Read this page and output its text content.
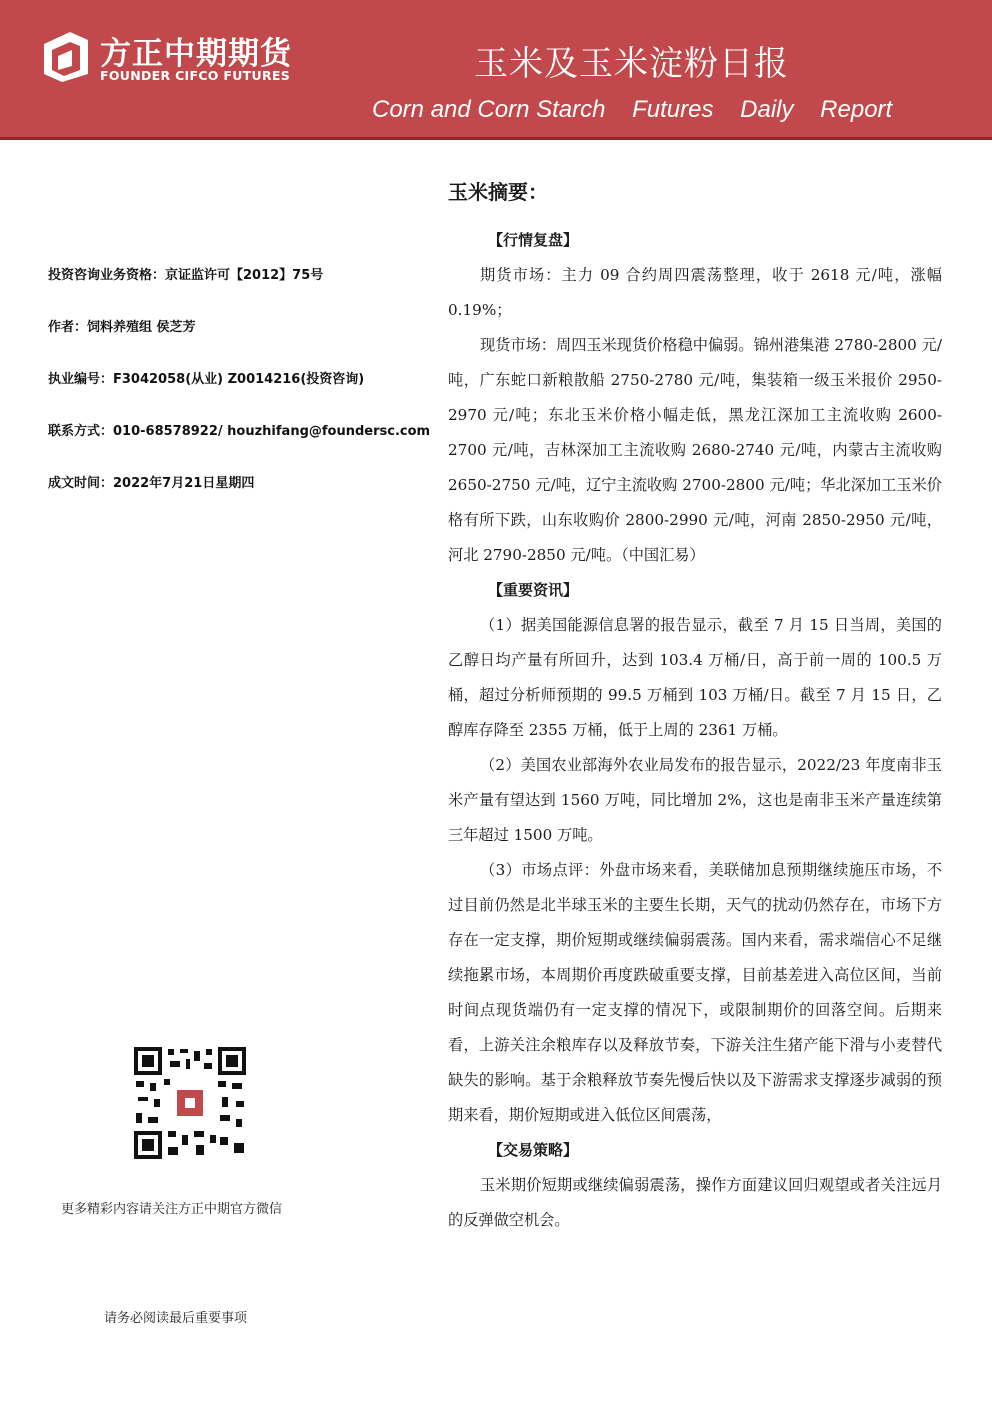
方正中期期货
FOUNDER CIFCO FUTURES	玉米及玉米淀粉日报
Corn and Corn Starch    Futures    Daily    Report

投资咨询业务资格：京证监许可【2012】75号

作者：饲料养殖组 侯芝芳

执业编号：F3042058(从业) Z0014216(投资咨询)

联系方式：010-68578922/ houzhifang@foundersc.com

成文时间：2022年7月21日星期四

更多精彩内容请关注方正中期官方微信
请务必阅读最后重要事项
玉米摘要：
【行情复盘】

期货市场：主力 09 合约周四震荡整理，收于 2618 元/吨，涨幅 0.19%；

现货市场：周四玉米现货价格稳中偏弱。锦州港集港 2780-2800 元/吨，广东蛇口新粮散船 2750-2780 元/吨，集装箱一级玉米报价 2950-2970 元/吨；东北玉米价格小幅走低，黑龙江深加工主流收购 2600-2700 元/吨，吉林深加工主流收购 2680-2740 元/吨，内蒙古主流收购 2650-2750 元/吨，辽宁主流收购 2700-2800 元/吨；华北深加工玉米价格有所下跌，山东收购价 2800-2990 元/吨，河南 2850-2950 元/吨，河北 2790-2850 元/吨。（中国汇易）

【重要资讯】

（1）据美国能源信息署的报告显示，截至 7 月 15 日当周，美国的乙醇日均产量有所回升，达到 103.4 万桶/日，高于前一周的 100.5 万桶，超过分析师预期的 99.5 万桶到 103 万桶/日。截至 7 月 15 日，乙醇库存降至 2355 万桶，低于上周的 2361 万桶。

（2）美国农业部海外农业局发布的报告显示，2022/23 年度南非玉米产量有望达到 1560 万吨，同比增加 2%，这也是南非玉米产量连续第三年超过 1500 万吨。

（3）市场点评：外盘市场来看，美联储加息预期继续施压市场，不过目前仍然是北半球玉米的主要生长期，天气的扰动仍然存在，市场下方存在一定支撑，期价短期或继续偏弱震荡。国内来看，需求端信心不足继续拖累市场，本周期价再度跌破重要支撑，目前基差进入高位区间，当前时间点现货端仍有一定支撑的情况下，或限制期价的回落空间。后期来看，上游关注余粮库存以及释放节奏，下游关注生猪产能下滑与小麦替代缺失的影响。基于余粮释放节奏先慢后快以及下游需求支撑逐步减弱的预期来看，期价短期或进入低位区间震荡，

【交易策略】

玉米期价短期或继续偏弱震荡，操作方面建议回归观望或者关注远月的反弹做空机会。
